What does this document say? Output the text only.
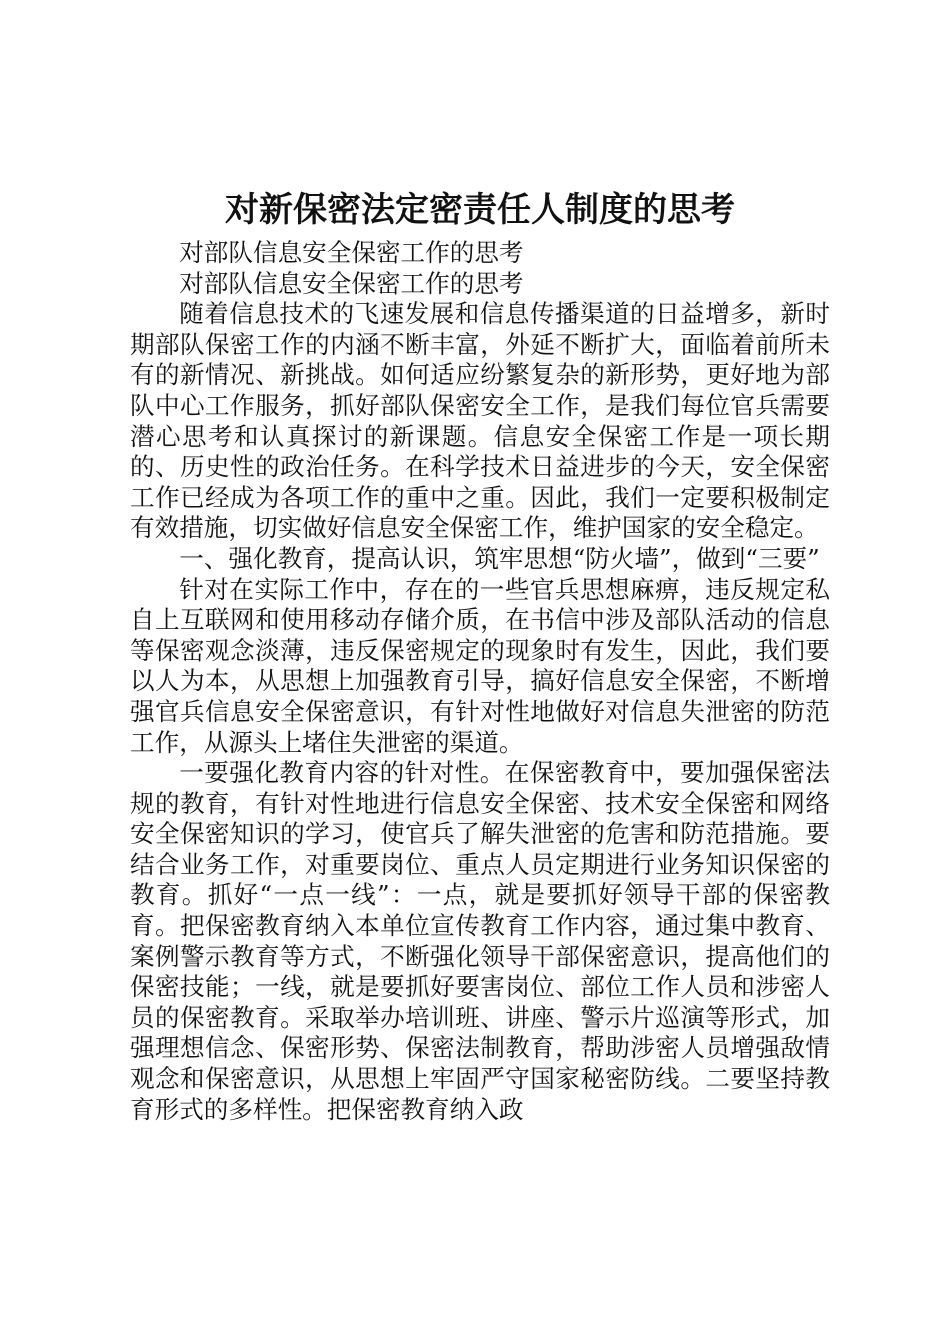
对新保密法定密责任人制度的思考

对部队信息安全保密工作的思考

对部队信息安全保密工作的思考

随着信息技术的飞速发展和信息传播渠道的日益增多，新时期部队保密工作的内涵不断丰富，外延不断扩大，面临着前所未有的新情况、新挑战。如何适应纷繁复杂的新形势，更好地为部队中心工作服务，抓好部队保密安全工作，是我们每位官兵需要潜心思考和认真探讨的新课题。信息安全保密工作是一项长期的、历史性的政治任务。在科学技术日益进步的今天，安全保密工作已经成为各项工作的重中之重。因此，我们一定要积极制定有效措施，切实做好信息安全保密工作，维护国家的安全稳定。

一、强化教育，提高认识，筑牢思想“防火墙”，做到“三要”

针对在实际工作中，存在的一些官兵思想麻痹，违反规定私自上互联网和使用移动存储介质，在书信中涉及部队活动的信息等保密观念淡薄，违反保密规定的现象时有发生，因此，我们要以人为本，从思想上加强教育引导，搞好信息安全保密，不断增强官兵信息安全保密意识，有针对性地做好对信息失泄密的防范工作，从源头上堵住失泄密的渠道。

一要强化教育内容的针对性。在保密教育中，要加强保密法规的教育，有针对性地进行信息安全保密、技术安全保密和网络安全保密知识的学习，使官兵了解失泄密的危害和防范措施。要结合业务工作，对重要岗位、重点人员定期进行业务知识保密的教育。抓好“一点一线”：一点，就是要抓好领导干部的保密教育。把保密教育纳入本单位宣传教育工作内容，通过集中教育、案例警示教育等方式，不断强化领导干部保密意识，提高他们的保密技能；一线，就是要抓好要害岗位、部位工作人员和涉密人员的保密教育。采取举办培训班、讲座、警示片巡演等形式，加强理想信念、保密形势、保密法制教育，帮助涉密人员增强敌情观念和保密意识，从思想上牢固严守国家秘密防线。二要坚持教育形式的多样性。把保密教育纳入政
